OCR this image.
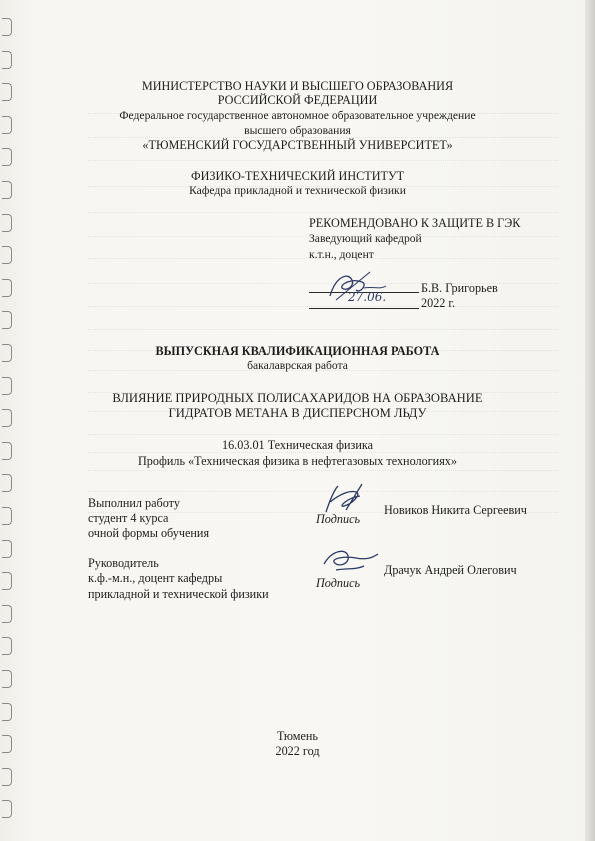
МИНИСТЕРСТВО НАУКИ И ВЫСШЕГО ОБРАЗОВАНИЯ
РОССИЙСКОЙ ФЕДЕРАЦИИ
Федеральное государственное автономное образовательное учреждение
высшего образования
«ТЮМЕНСКИЙ ГОСУДАРСТВЕННЫЙ УНИВЕРСИТЕТ»
ФИЗИКО-ТЕХНИЧЕСКИЙ ИНСТИТУТ
Кафедра прикладной и технической физики
РЕКОМЕНДОВАНО К ЗАЩИТЕ В ГЭК
Заведующий кафедрой
к.т.н., доцент
Б.В. Григорьев
2022 г.
27.06.
ВЫПУСКНАЯ КВАЛИФИКАЦИОННАЯ РАБОТА
бакалаврская работа
ВЛИЯНИЕ ПРИРОДНЫХ ПОЛИСАХАРИДОВ НА ОБРАЗОВАНИЕ
ГИДРАТОВ МЕТАНА В ДИСПЕРСНОМ ЛЬДУ
16.03.01 Техническая физика
Профиль «Техническая физика в нефтегазовых технологиях»
Выполнил работу
студент 4 курса
очной формы обучения
Подпись
Новиков Никита Сергеевич
Руководитель
к.ф.-м.н., доцент кафедры
прикладной и технической физики
Подпись
Драчук Андрей Олегович
Тюмень
2022 год
